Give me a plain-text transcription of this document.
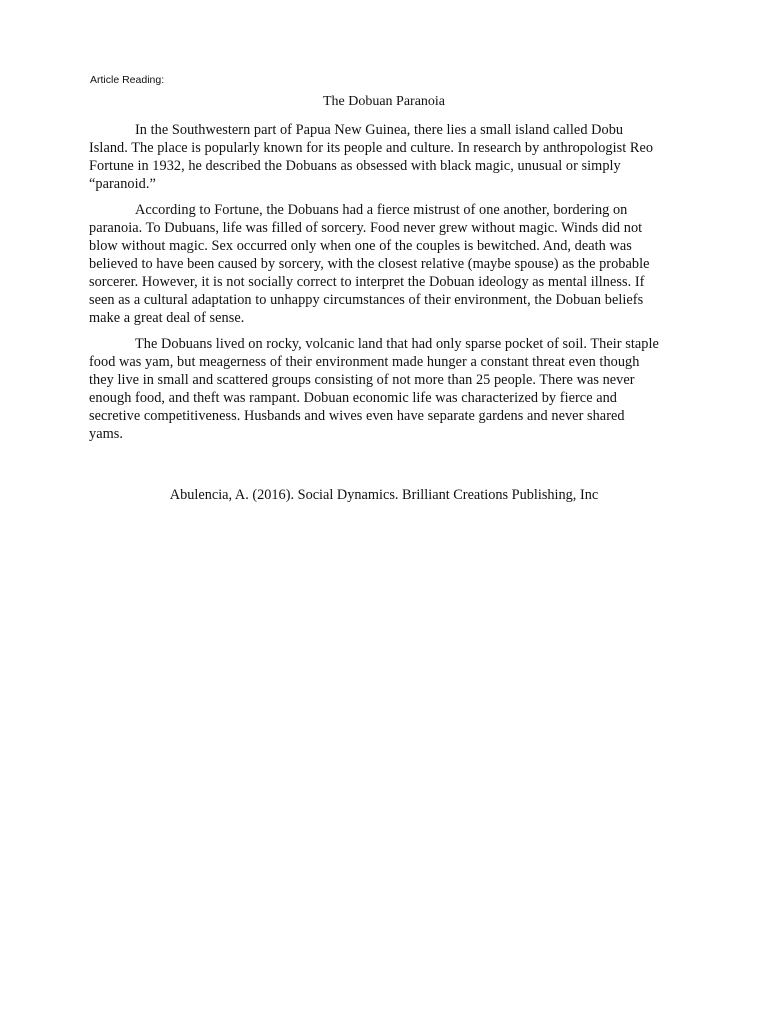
Article Reading:
The Dobuan Paranoia

In the Southwestern part of Papua New Guinea, there lies a small island called Dobu Island. The place is popularly known for its people and culture. In research by anthropologist Reo Fortune in 1932, he described the Dobuans as obsessed with black magic, unusual or simply “paranoid.”

According to Fortune, the Dobuans had a fierce mistrust of one another, bordering on paranoia. To Dubuans, life was filled of sorcery. Food never grew without magic. Winds did not blow without magic. Sex occurred only when one of the couples is bewitched. And, death was believed to have been caused by sorcery, with the closest relative (maybe spouse) as the probable sorcerer. However, it is not socially correct to interpret the Dobuan ideology as mental illness. If seen as a cultural adaptation to unhappy circumstances of their environment, the Dobuan beliefs make a great deal of sense.

The Dobuans lived on rocky, volcanic land that had only sparse pocket of soil. Their staple food was yam, but meagerness of their environment made hunger a constant threat even though they live in small and scattered groups consisting of not more than 25 people. There was never enough food, and theft was rampant. Dobuan economic life was characterized by fierce and secretive competitiveness. Husbands and wives even have separate gardens and never shared yams.

Abulencia, A. (2016). Social Dynamics. Brilliant Creations Publishing, Inc
